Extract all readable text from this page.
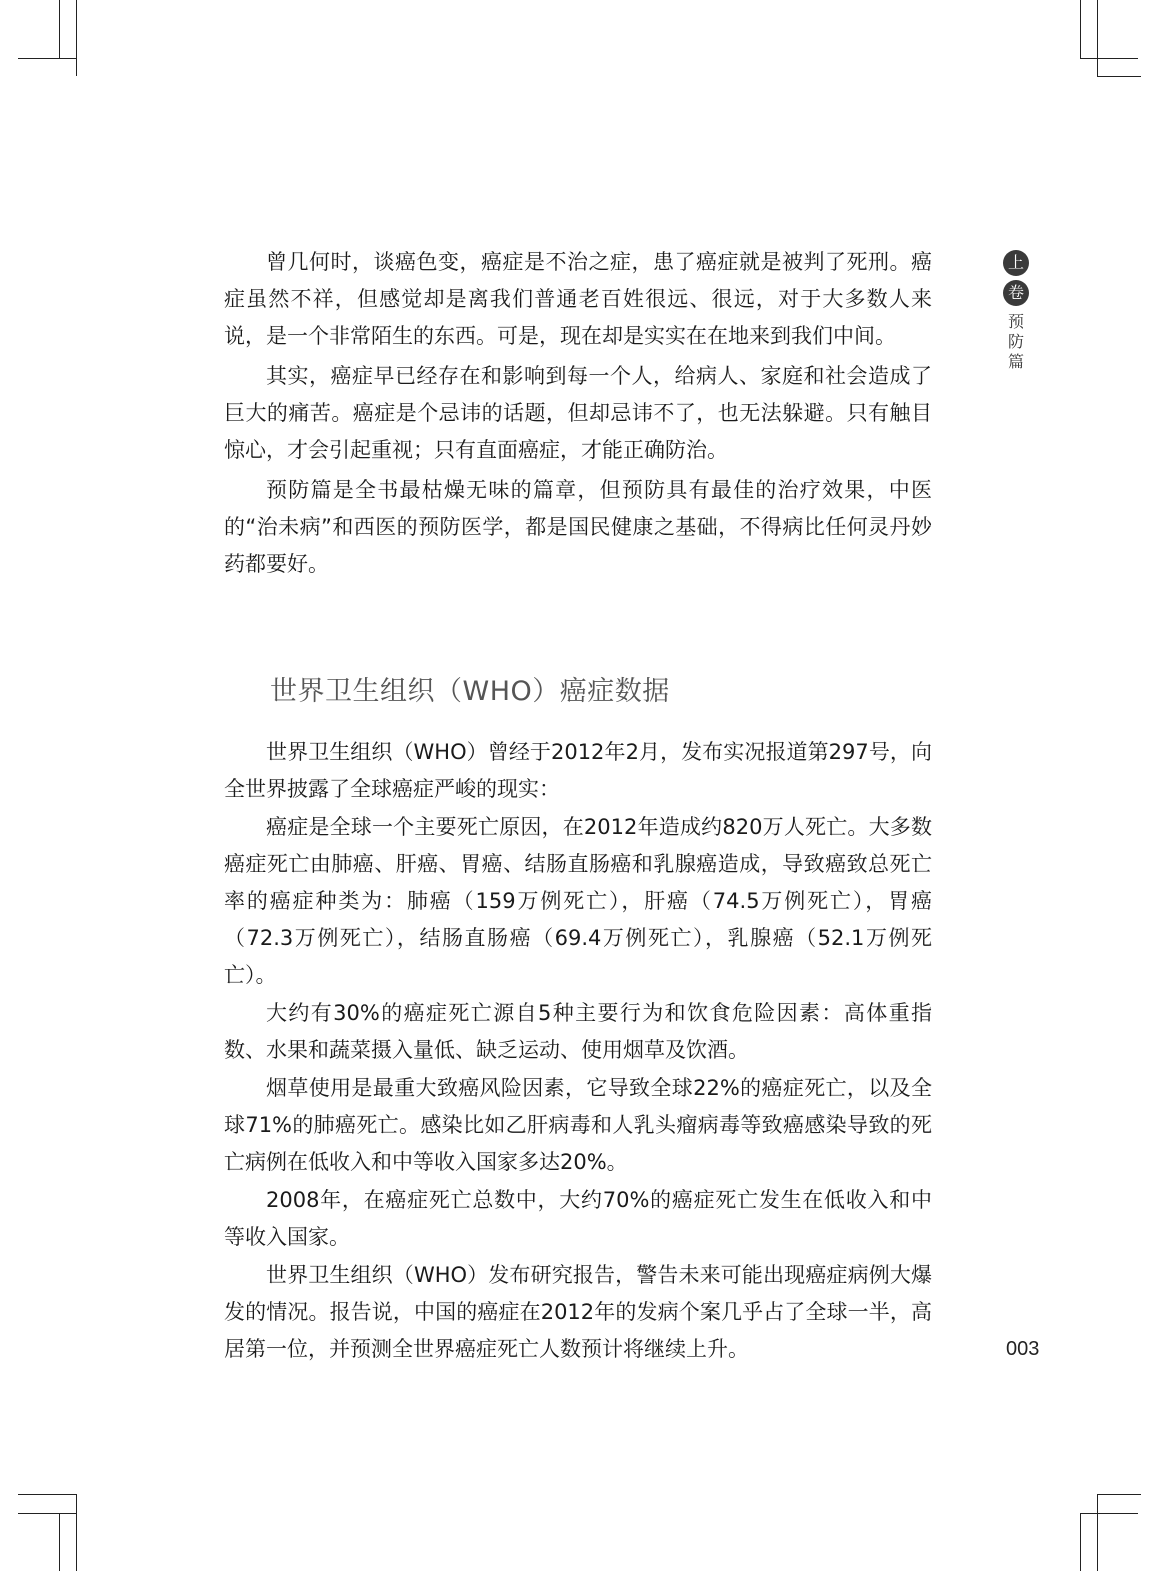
上
卷
预防篇

曾几何时，谈癌色变，癌症是不治之症，患了癌症就是被判了死刑。癌症虽然不祥，但感觉却是离我们普通老百姓很远、很远，对于大多数人来说，是一个非常陌生的东西。可是，现在却是实实在在地来到我们中间。

其实，癌症早已经存在和影响到每一个人，给病人、家庭和社会造成了巨大的痛苦。癌症是个忌讳的话题，但却忌讳不了，也无法躲避。只有触目惊心，才会引起重视；只有直面癌症，才能正确防治。

预防篇是全书最枯燥无味的篇章，但预防具有最佳的治疗效果，中医的“治未病”和西医的预防医学，都是国民健康之基础，不得病比任何灵丹妙药都要好。

世界卫生组织（WHO）癌症数据

世界卫生组织（WHO）曾经于2012年2月，发布实况报道第297号，向全世界披露了全球癌症严峻的现实：

癌症是全球一个主要死亡原因，在2012年造成约820万人死亡。大多数癌症死亡由肺癌、肝癌、胃癌、结肠直肠癌和乳腺癌造成，导致癌致总死亡率的癌症种类为：肺癌（159万例死亡），肝癌（74.5万例死亡），胃癌（72.3万例死亡），结肠直肠癌（69.4万例死亡），乳腺癌（52.1万例死亡）。

大约有30%的癌症死亡源自5种主要行为和饮食危险因素：高体重指数、水果和蔬菜摄入量低、缺乏运动、使用烟草及饮酒。

烟草使用是最重大致癌风险因素，它导致全球22%的癌症死亡，以及全球71%的肺癌死亡。感染比如乙肝病毒和人乳头瘤病毒等致癌感染导致的死亡病例在低收入和中等收入国家多达20%。

2008年，在癌症死亡总数中，大约70%的癌症死亡发生在低收入和中等收入国家。

世界卫生组织（WHO）发布研究报告，警告未来可能出现癌症病例大爆发的情况。报告说，中国的癌症在2012年的发病个案几乎占了全球一半，高居第一位，并预测全世界癌症死亡人数预计将继续上升。	003
